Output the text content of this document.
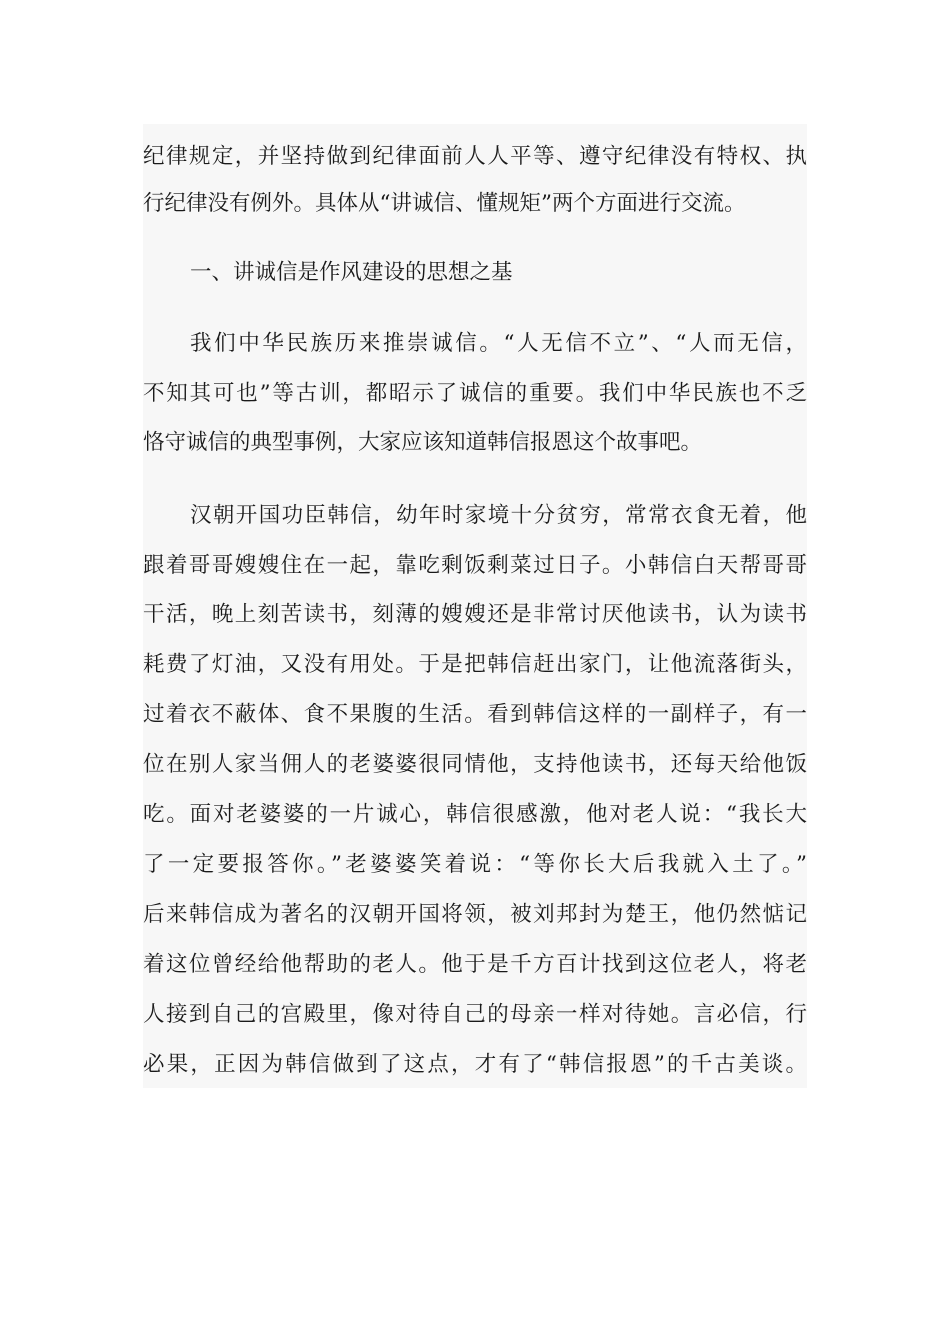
纪律规定，并坚持做到纪律面前人人平等、遵守纪律没有特权、执
行纪律没有例外。具体从“讲诚信、懂规矩”两个方面进行交流。
一、讲诚信是作风建设的思想之基
我们中华民族历来推崇诚信。“人无信不立”、“人而无信，
不知其可也”等古训，都昭示了诚信的重要。我们中华民族也不乏
恪守诚信的典型事例，大家应该知道韩信报恩这个故事吧。
汉朝开国功臣韩信，幼年时家境十分贫穷，常常衣食无着，他
跟着哥哥嫂嫂住在一起，靠吃剩饭剩菜过日子。小韩信白天帮哥哥
干活，晚上刻苦读书，刻薄的嫂嫂还是非常讨厌他读书，认为读书
耗费了灯油，又没有用处。于是把韩信赶出家门，让他流落街头，
过着衣不蔽体、食不果腹的生活。看到韩信这样的一副样子，有一
位在别人家当佣人的老婆婆很同情他，支持他读书，还每天给他饭
吃。面对老婆婆的一片诚心，韩信很感激，他对老人说：“我长大
了一定要报答你。”老婆婆笑着说：“等你长大后我就入土了。”
后来韩信成为著名的汉朝开国将领，被刘邦封为楚王，他仍然惦记
着这位曾经给他帮助的老人。他于是千方百计找到这位老人，将老
人接到自己的宫殿里，像对待自己的母亲一样对待她。言必信，行
必果，正因为韩信做到了这点，才有了“韩信报恩”的千古美谈。
